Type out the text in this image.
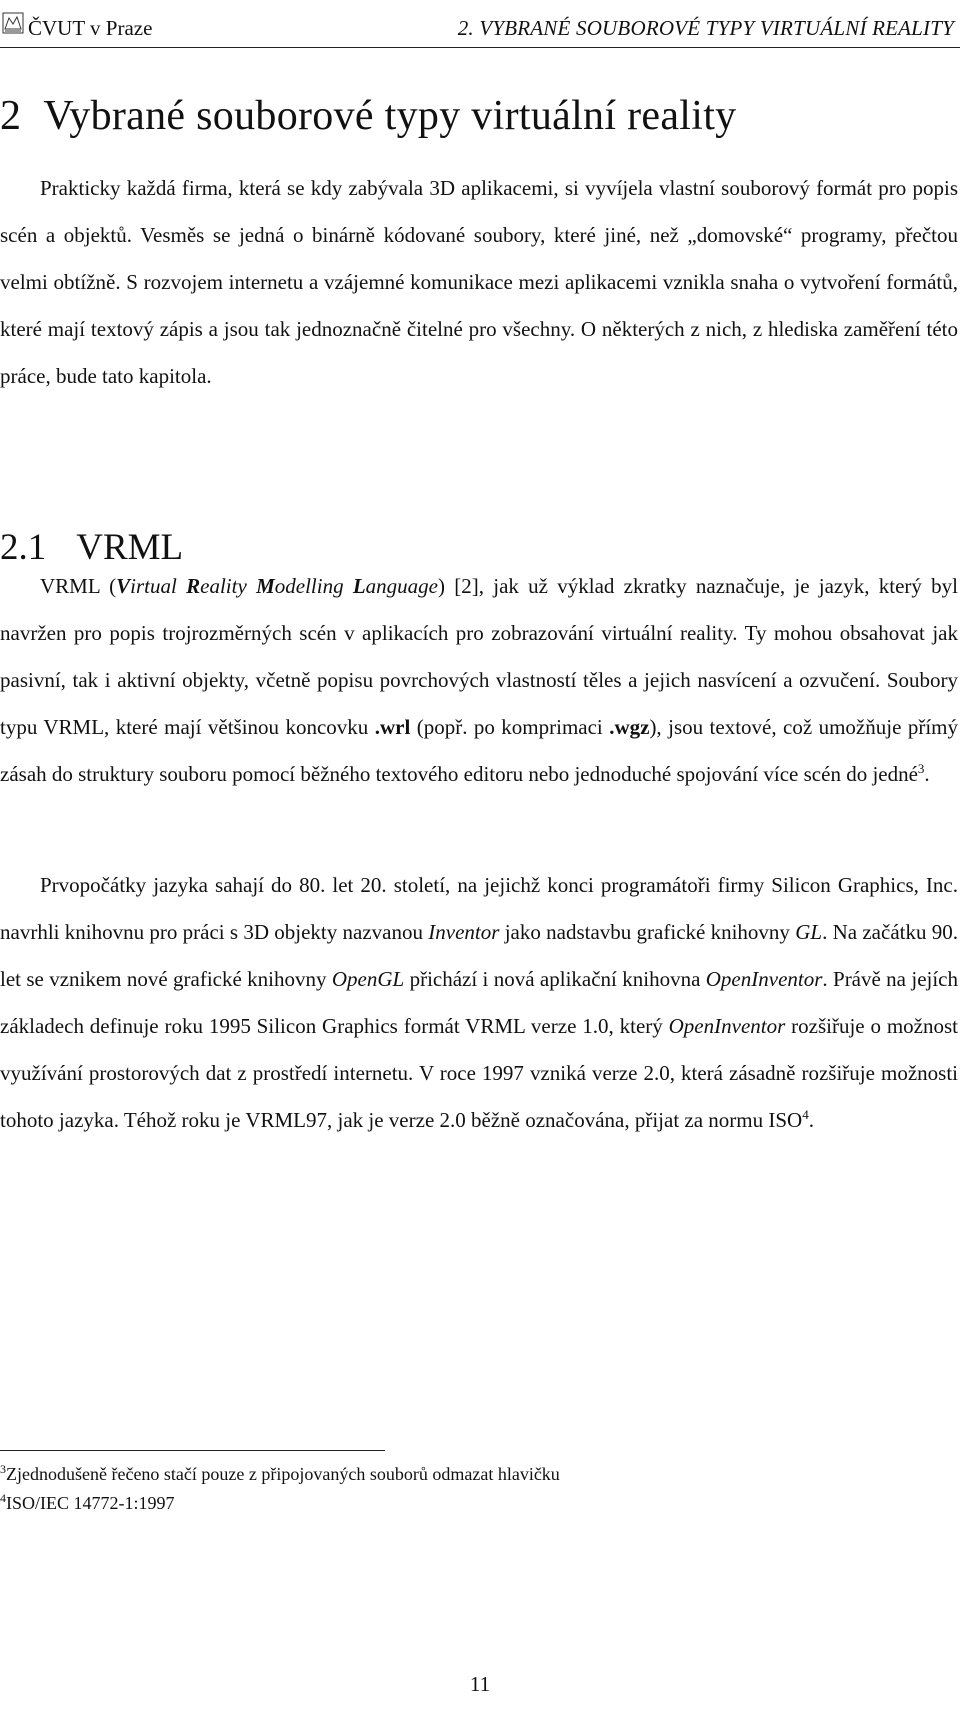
ČVUT v Praze	2. VYBRANÉ SOUBOROVÉ TYPY VIRTUÁLNÍ REALITY
2 Vybrané souborové typy virtuální reality

Prakticky každá firma, která se kdy zabývala 3D aplikacemi, si vyvíjela vlastní souborový formát pro popis scén a objektů. Vesměs se jedná o binárně kódované soubory, které jiné, než „domovské“ programy, přečtou velmi obtížně. S rozvojem internetu a vzájemné komunikace mezi aplikacemi vznikla snaha o vytvoření formátů, které mají textový zápis a jsou tak jednoznačně čitelné pro všechny. O některých z nich, z hlediska zaměření této práce, bude tato kapitola.

2.1 VRML

VRML (Virtual Reality Modelling Language) [2], jak už výklad zkratky naznačuje, je jazyk, který byl navržen pro popis trojrozměrných scén v aplikacích pro zobrazování virtuální reality. Ty mohou obsahovat jak pasivní, tak i aktivní objekty, včetně popisu povrchových vlastností těles a jejich nasvícení a ozvučení. Soubory typu VRML, které mají většinou koncovku .wrl (popř. po komprimaci .wgz), jsou textové, což umožňuje přímý zásah do struktury souboru pomocí běžného textového editoru nebo jednoduché spojování více scén do jedné$^3$.

Prvopočátky jazyka sahají do 80. let 20. století, na jejichž konci programátoři firmy Silicon Graphics, Inc. navrhli knihovnu pro práci s 3D objekty nazvanou Inventor jako nadstavbu grafické knihovny GL. Na začátku 90. let se vznikem nové grafické knihovny OpenGL přichází i nová aplikační knihovna OpenInventor. Právě na jejích základech definuje roku 1995 Silicon Graphics formát VRML verze 1.0, který OpenInventor rozšiřuje o možnost využívání prostorových dat z prostředí internetu. V roce 1997 vzniká verze 2.0, která zásadně rozšiřuje možnosti tohoto jazyka. Téhož roku je VRML97, jak je verze 2.0 běžně označována, přijat za normu ISO$^4$.

$^3$Zjednodušeně řečeno stačí pouze z připojovaných souborů odmazat hlavičku
$^4$ISO/IEC 14772-1:1997
11
